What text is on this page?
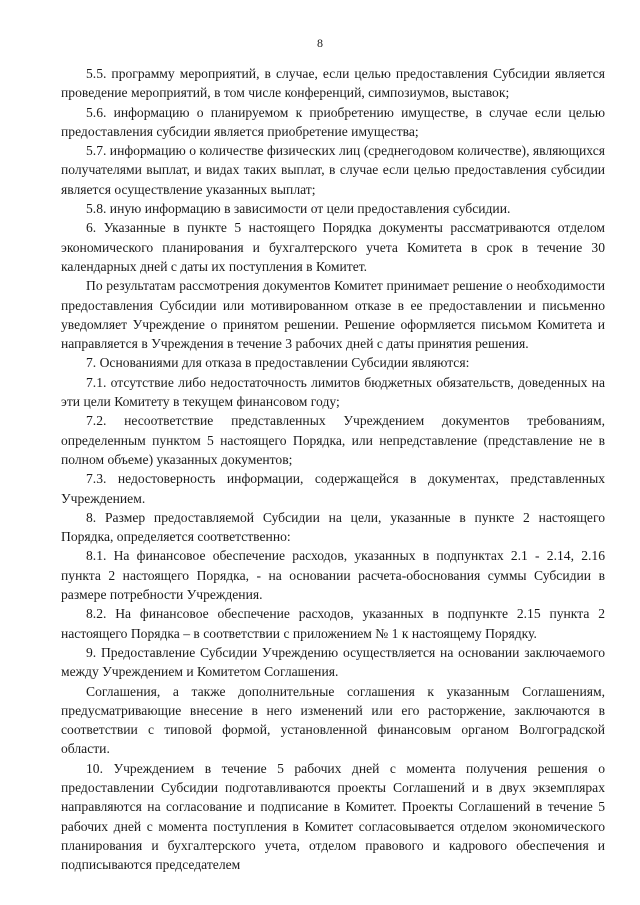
8

5.5. программу мероприятий, в случае, если целью предоставления Субсидии является проведение мероприятий, в том числе конференций, симпозиумов, выставок;

5.6. информацию о планируемом к приобретению имуществе, в случае если целью предоставления субсидии является приобретение имущества;

5.7. информацию о количестве физических лиц (среднегодовом количестве), являющихся получателями выплат, и видах таких выплат, в случае если целью предоставления субсидии является осуществление указанных выплат;

5.8. иную информацию в зависимости от цели предоставления субсидии.

6. Указанные в пункте 5 настоящего Порядка документы рассматриваются отделом экономического планирования и бухгалтерского учета Комитета в срок в течение 30 календарных дней с даты их поступления в Комитет.

По результатам рассмотрения документов Комитет принимает решение о необходимости предоставления Субсидии или мотивированном отказе в ее предоставлении и письменно уведомляет Учреждение о принятом решении. Решение оформляется письмом Комитета и направляется в Учреждения в течение 3 рабочих дней с даты принятия решения.

7. Основаниями для отказа в предоставлении Субсидии являются:

7.1. отсутствие либо недостаточность лимитов бюджетных обязательств, доведенных на эти цели Комитету в текущем финансовом году;

7.2. несоответствие представленных Учреждением документов требованиям, определенным пунктом 5 настоящего Порядка, или непредставление (представление не в полном объеме) указанных документов;

7.3. недостоверность информации, содержащейся в документах, представленных Учреждением.

8. Размер предоставляемой Субсидии на цели, указанные в пункте 2 настоящего Порядка, определяется соответственно:

8.1. На финансовое обеспечение расходов, указанных в подпунктах 2.1 - 2.14, 2.16 пункта 2 настоящего Порядка, - на основании расчета-обоснования суммы Субсидии в размере потребности Учреждения.

8.2. На финансовое обеспечение расходов, указанных в подпункте 2.15 пункта 2 настоящего Порядка – в соответствии с приложением № 1 к настоящему Порядку.

9. Предоставление Субсидии Учреждению осуществляется на основании заключаемого между Учреждением и Комитетом Соглашения.

Соглашения, а также дополнительные соглашения к указанным Соглашениям, предусматривающие внесение в него изменений или его расторжение, заключаются в соответствии с типовой формой, установленной финансовым органом Волгоградской области.

10. Учреждением в течение 5 рабочих дней с момента получения решения о предоставлении Субсидии подготавливаются проекты Соглашений и в двух экземплярах направляются на согласование и подписание в Комитет. Проекты Соглашений в течение 5 рабочих дней с момента поступления в Комитет согласовывается отделом экономического планирования и бухгалтерского учета, отделом правового и кадрового обеспечения и подписываются председателем
